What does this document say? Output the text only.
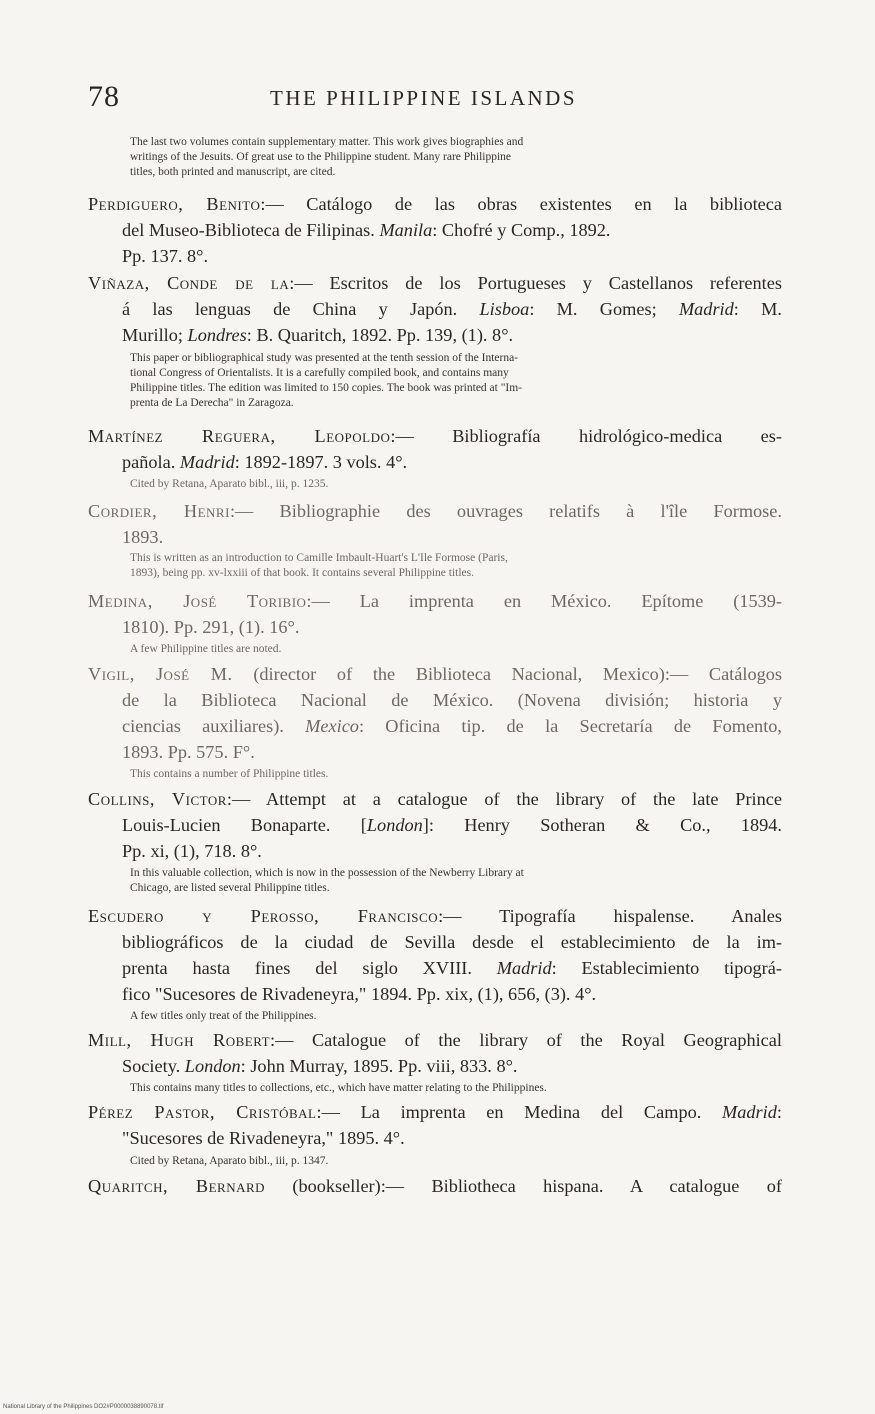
78	THE PHILIPPINE ISLANDS
The last two volumes contain supplementary matter. This work gives biographies and
writings of the Jesuits. Of great use to the Philippine student. Many rare Philippine
titles, both printed and manuscript, are cited.
Perdiguero, Benito:— Catálogo de las obras existentes en la biblioteca
del Museo-Biblioteca de Filipinas. Manila: Chofré y Comp., 1892.
Pp. 137. 8°.
Viñaza, Conde de la:— Escritos de los Portugueses y Castellanos referentes
á las lenguas de China y Japón. Lisboa: M. Gomes; Madrid: M.
Murillo; Londres: B. Quaritch, 1892. Pp. 139, (1). 8°.
This paper or bibliographical study was presented at the tenth session of the Interna-
tional Congress of Orientalists. It is a carefully compiled book, and contains many
Philippine titles. The edition was limited to 150 copies. The book was printed at "Im-
prenta de La Derecha" in Zaragoza.
Martínez Reguera, Leopoldo:— Bibliografía hidrológico-medica es-
pañola. Madrid: 1892-1897. 3 vols. 4°.
Cited by Retana, Aparato bibl., iii, p. 1235.
Cordier, Henri:— Bibliographie des ouvrages relatifs à l'île Formose.
1893.
This is written as an introduction to Camille Imbault-Huart's L'Ile Formose (Paris,
1893), being pp. xv-lxxiii of that book. It contains several Philippine titles.
Medina, José Toribio:— La imprenta en México. Epítome (1539-
1810). Pp. 291, (1). 16°.
A few Philippine titles are noted.
Vigil, José M. (director of the Biblioteca Nacional, Mexico):— Catálogos
de la Biblioteca Nacional de México. (Novena división; historia y
ciencias auxiliares). Mexico: Oficina tip. de la Secretaría de Fomento,
1893. Pp. 575. F°.
This contains a number of Philippine titles.
Collins, Victor:— Attempt at a catalogue of the library of the late Prince
Louis-Lucien Bonaparte. [London]: Henry Sotheran & Co., 1894.
Pp. xi, (1), 718. 8°.
In this valuable collection, which is now in the possession of the Newberry Library at
Chicago, are listed several Philippine titles.
Escudero y Perosso, Francisco:— Tipografía hispalense. Anales
bibliográficos de la ciudad de Sevilla desde el establecimiento de la im-
prenta hasta fines del siglo XVIII. Madrid: Establecimiento tipográ-
fico "Sucesores de Rivadeneyra," 1894. Pp. xix, (1), 656, (3). 4°.
A few titles only treat of the Philippines.
Mill, Hugh Robert:— Catalogue of the library of the Royal Geographical
Society. London: John Murray, 1895. Pp. viii, 833. 8°.
This contains many titles to collections, etc., which have matter relating to the Philippines.
Pérez Pastor, Cristóbal:— La imprenta en Medina del Campo. Madrid:
"Sucesores de Rivadeneyra," 1895. 4°.
Cited by Retana, Aparato bibl., iii, p. 1347.
Quaritch, Bernard (bookseller):— Bibliotheca hispana. A catalogue of
National Library of the Philippines DO2#P0000038890078.tif
